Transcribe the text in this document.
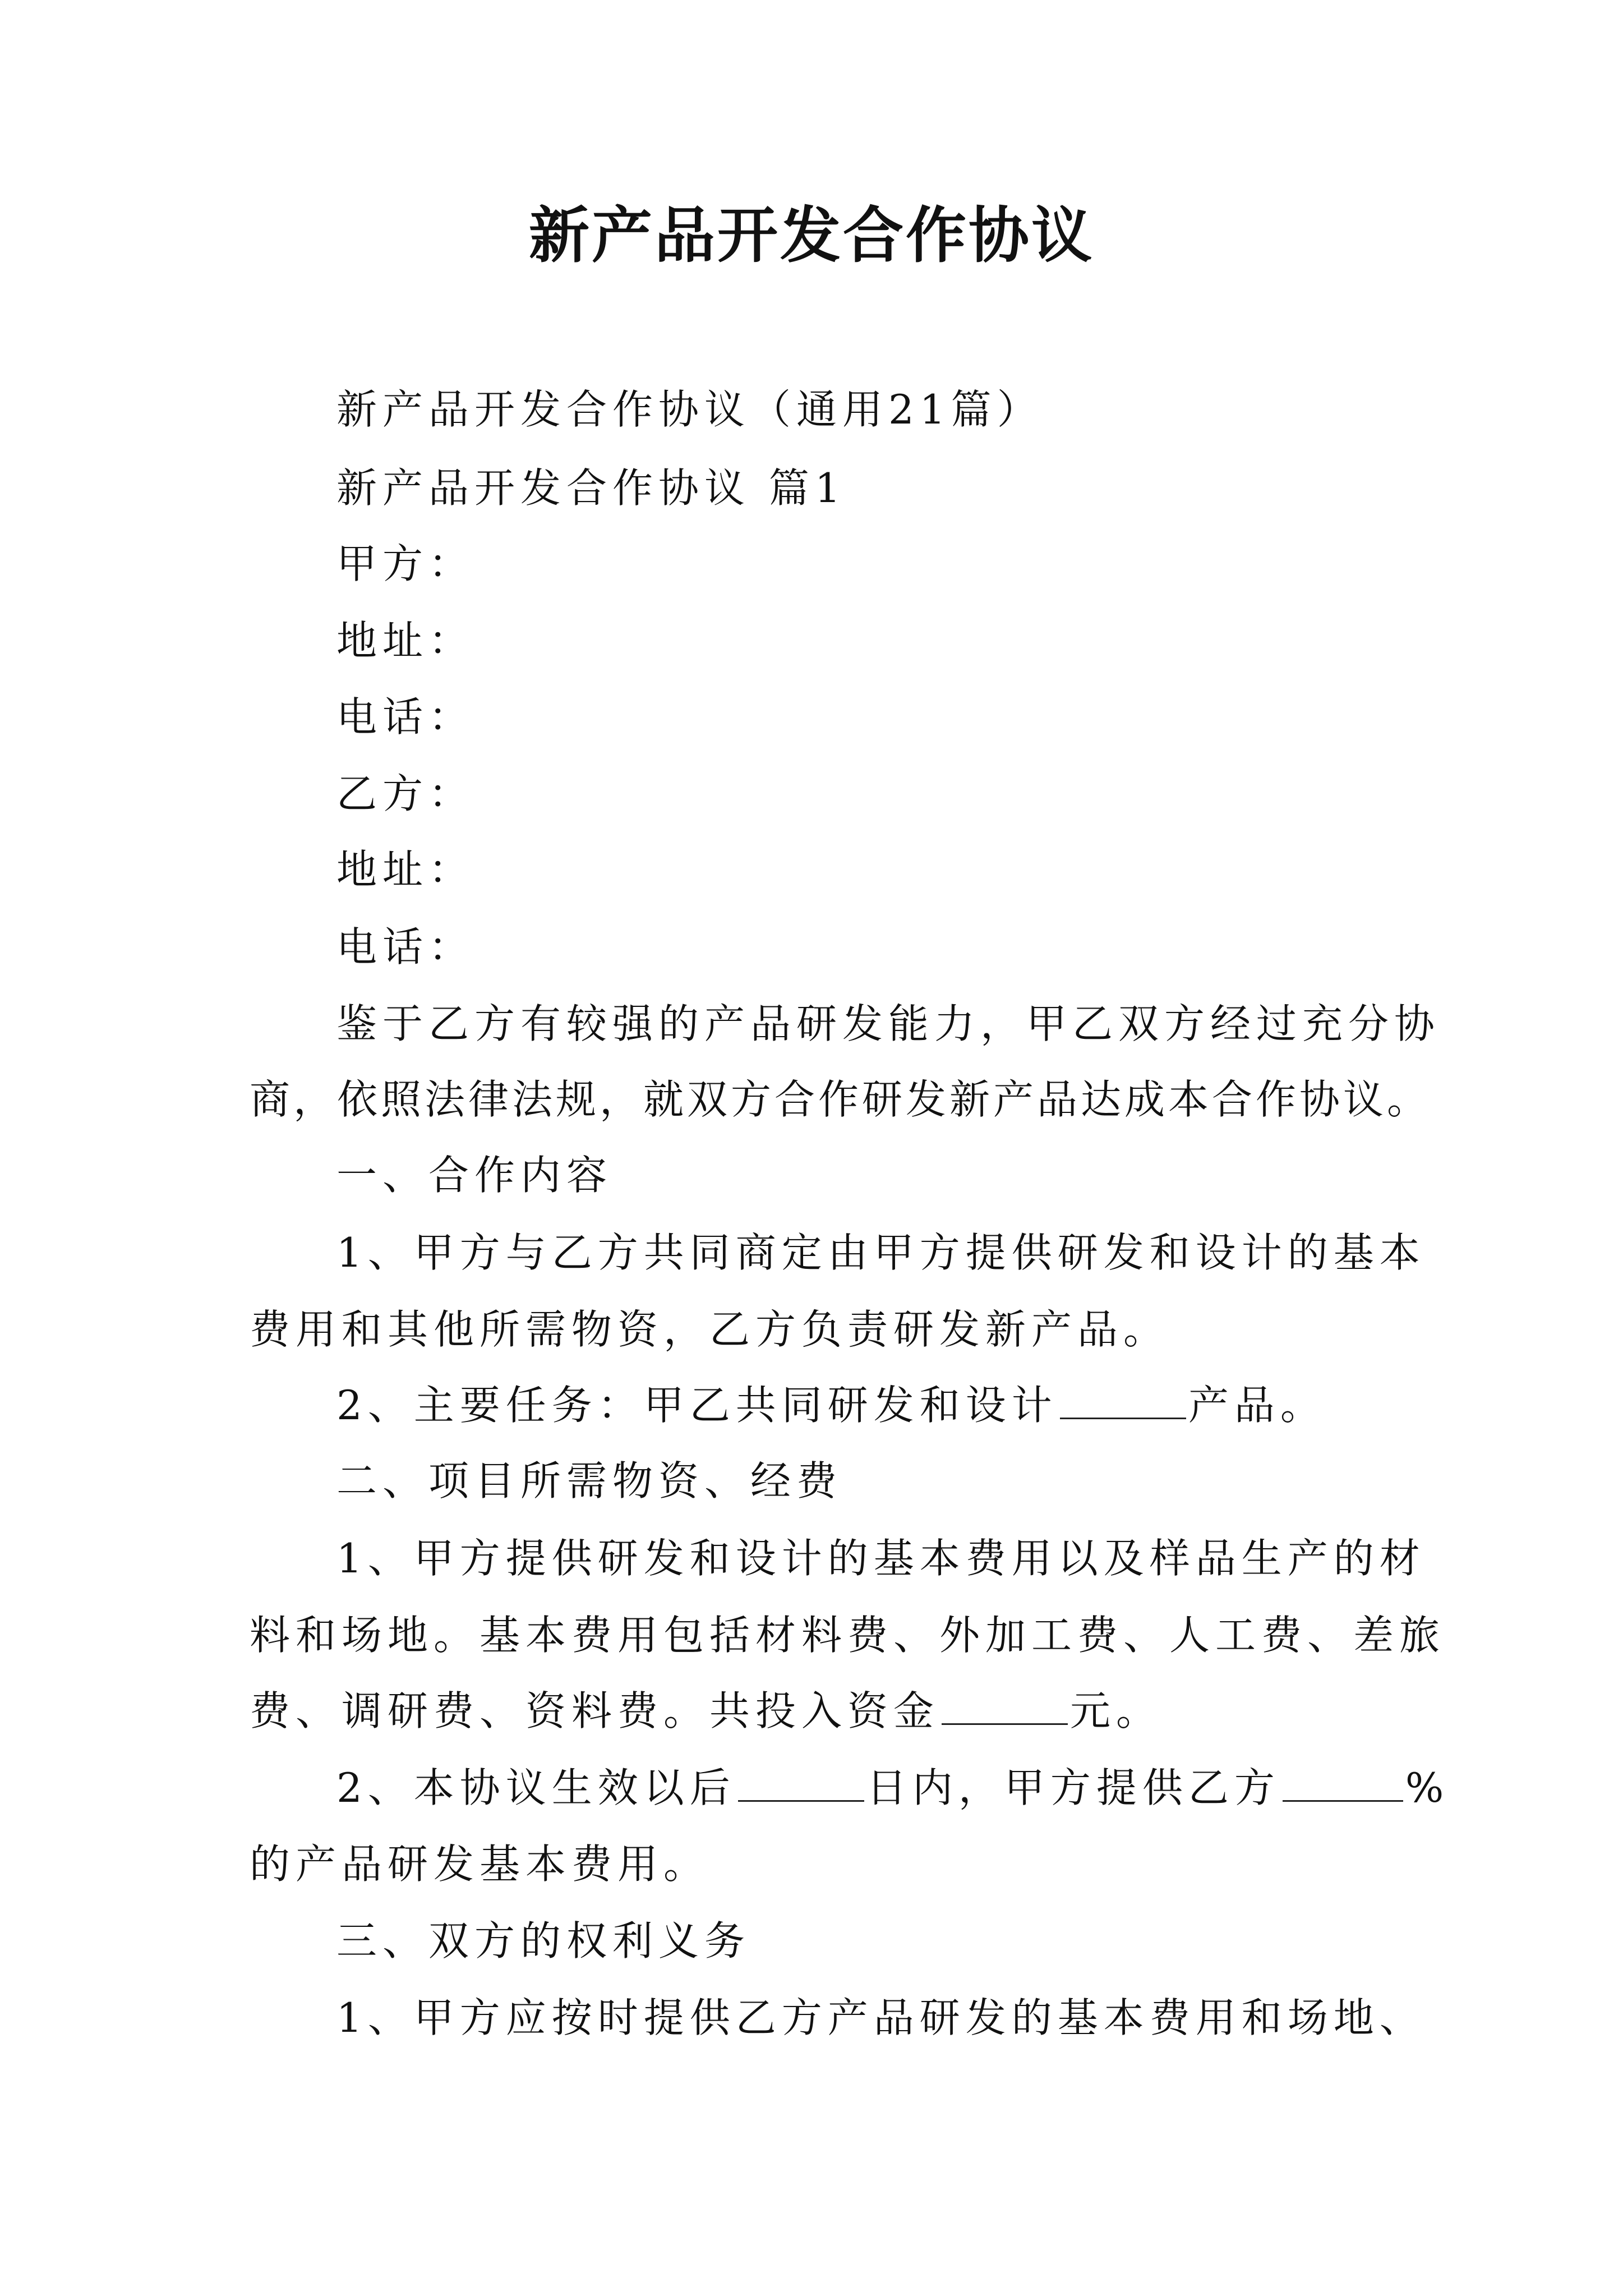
新产品开发合作协议

新产品开发合作协议（通用21篇）

新产品开发合作协议 篇1

甲方：

地址：

电话：

乙方：

地址：

电话：

鉴于乙方有较强的产品研发能力，甲乙双方经过充分协

商，依照法律法规，就双方合作研发新产品达成本合作协议。

一、合作内容

1、甲方与乙方共同商定由甲方提供研发和设计的基本

费用和其他所需物资，乙方负责研发新产品。

2、主要任务：甲乙共同研发和设计	产品。

二、项目所需物资、经费

1、甲方提供研发和设计的基本费用以及样品生产的材

料和场地。基本费用包括材料费、外加工费、人工费、差旅

费、调研费、资料费。共投入资金	元。

2、本协议生效以后	日内，甲方提供乙方	%

的产品研发基本费用。

三、双方的权利义务

1、甲方应按时提供乙方产品研发的基本费用和场地、
